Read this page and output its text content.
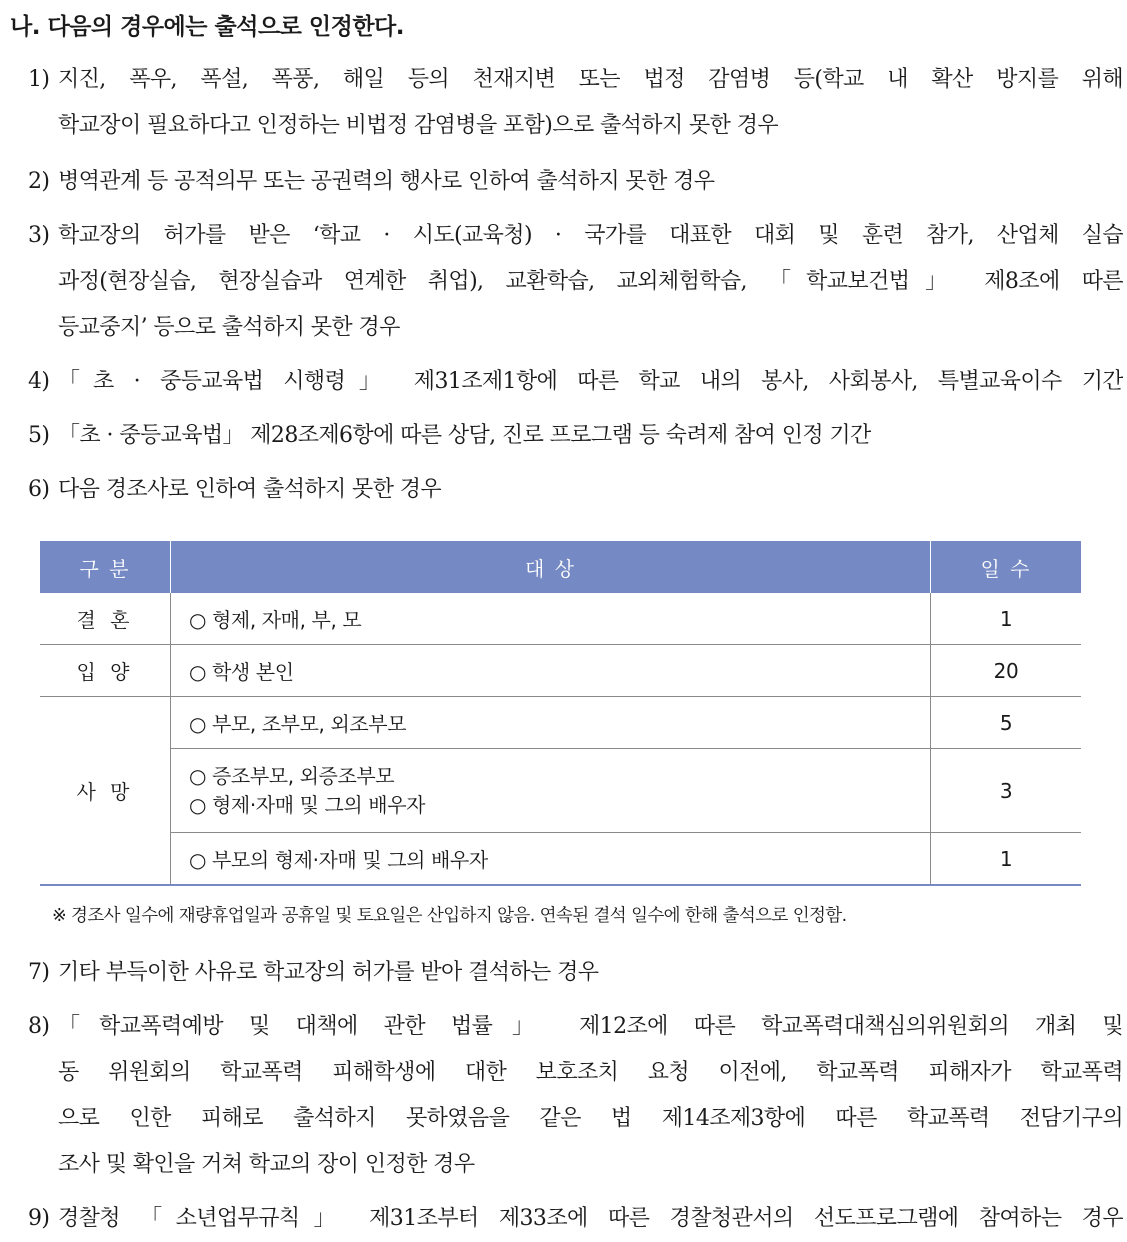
나. 다음의 경우에는 출석으로 인정한다.
1) 지진, 폭우, 폭설, 폭풍, 해일 등의 천재지변 또는 법정 감염병 등(학교 내 확산 방지를 위해
학교장이 필요하다고 인정하는 비법정 감염병을 포함)으로 출석하지 못한 경우
2) 병역관계 등 공적의무 또는 공권력의 행사로 인하여 출석하지 못한 경우
3) 학교장의 허가를 받은 ‘학교 · 시도(교육청) · 국가를 대표한 대회 및 훈련 참가, 산업체 실습
과정(현장실습, 현장실습과 연계한 취업), 교환학습, 교외체험학습, 「학교보건법」 제8조에 따른
등교중지’ 등으로 출석하지 못한 경우
4) 「초 · 중등교육법 시행령」 제31조제1항에 따른 학교 내의 봉사, 사회봉사, 특별교육이수 기간
5) 「초 · 중등교육법」 제28조제6항에 따른 상담, 진로 프로그램 등 숙려제 참여 인정 기간
6) 다음 경조사로 인하여 출석하지 못한 경우
구 분	대 상	일 수
결 혼	○ 형제, 자매, 부, 모	1
입 양	○ 학생 본인	20
사 망	○ 부모, 조부모, 외조부모	5

	○ 증조부모, 외증조부모
○ 형제·자매 및 그의 배우자	3
	○ 부모의 형제·자매 및 그의 배우자	1
※ 경조사 일수에 재량휴업일과 공휴일 및 토요일은 산입하지 않음. 연속된 결석 일수에 한해 출석으로 인정함.
7) 기타 부득이한 사유로 학교장의 허가를 받아 결석하는 경우
8) 「학교폭력예방 및 대책에 관한 법률」 제12조에 따른 학교폭력대책심의위원회의 개최 및
동 위원회의 학교폭력 피해학생에 대한 보호조치 요청 이전에, 학교폭력 피해자가 학교폭력
으로 인한 피해로 출석하지 못하였음을 같은 법 제14조제3항에 따른 학교폭력 전담기구의
조사 및 확인을 거쳐 학교의 장이 인정한 경우
9) 경찰청 「소년업무규칙」 제31조부터 제33조에 따른 경찰청관서의 선도프로그램에 참여하는 경우
